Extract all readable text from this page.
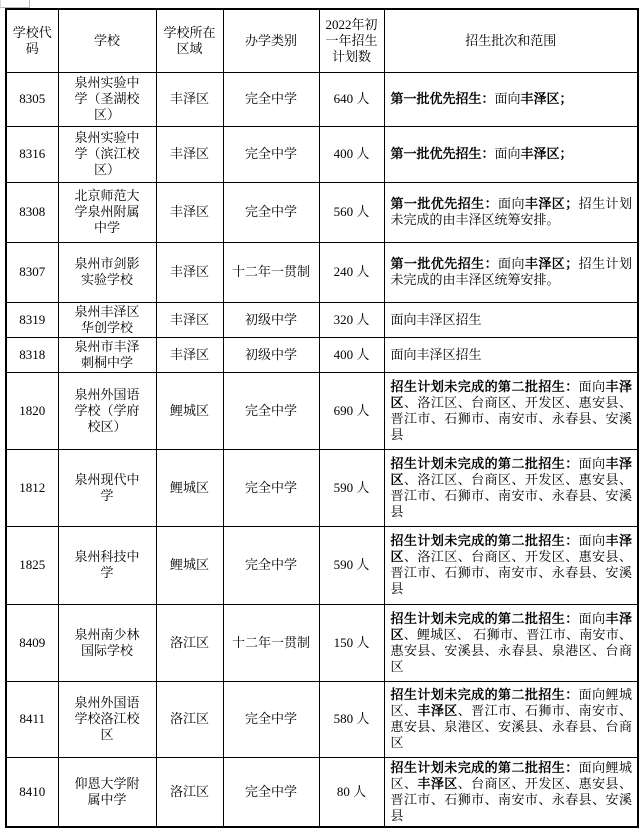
学校代码	学校	学校所在区域	办学类别	2022年初一年招生计划数	招生批次和范围
8305	泉州实验中学（圣湖校区）	丰泽区	完全中学	640 人	第一批优先招生：面向丰泽区；
8316	泉州实验中学（滨江校区）	丰泽区	完全中学	400 人	第一批优先招生：面向丰泽区；
8308	北京师范大学泉州附属中学	丰泽区	完全中学	560 人	第一批优先招生：面向丰泽区；招生计划未完成的由丰泽区统筹安排。
8307	泉州市剑影实验学校	丰泽区	十二年一贯制	240 人	第一批优先招生：面向丰泽区；招生计划未完成的由丰泽区统筹安排。
8319	泉州丰泽区华创学校	丰泽区	初级中学	320 人	面向丰泽区招生
8318	泉州市丰泽刺桐中学	丰泽区	初级中学	400 人	面向丰泽区招生
1820	泉州外国语学校（学府校区）	鲤城区	完全中学	690 人	招生计划未完成的第二批招生：面向丰泽区、洛江区、台商区、开发区、惠安县、晋江市、石狮市、南安市、永春县、安溪县
1812	泉州现代中学	鲤城区	完全中学	590 人	招生计划未完成的第二批招生：面向丰泽区、洛江区、台商区、开发区、惠安县、晋江市、石狮市、南安市、永春县、安溪县
1825	泉州科技中学	鲤城区	完全中学	590 人	招生计划未完成的第二批招生：面向丰泽区、洛江区、台商区、开发区、惠安县、晋江市、石狮市、南安市、永春县、安溪县
8409	泉州南少林国际学校	洛江区	十二年一贯制	150 人	招生计划未完成的第二批招生：面向丰泽区、鲤城区、 石狮市、晋江市、南安市、惠安县、安溪县、永春县、泉港区、台商区
8411	泉州外国语学校洛江校区	洛江区	完全中学	580 人	招生计划未完成的第二批招生：面向鲤城区、丰泽区、晋江市、石狮市、南安市、惠安县、泉港区、安溪县、永春县、台商区
8410	仰恩大学附属中学	洛江区	完全中学	80 人	招生计划未完成的第二批招生：面向鲤城区、丰泽区、台商区、开发区、惠安县、晋江市、石狮市、南安市、永春县、安溪县
